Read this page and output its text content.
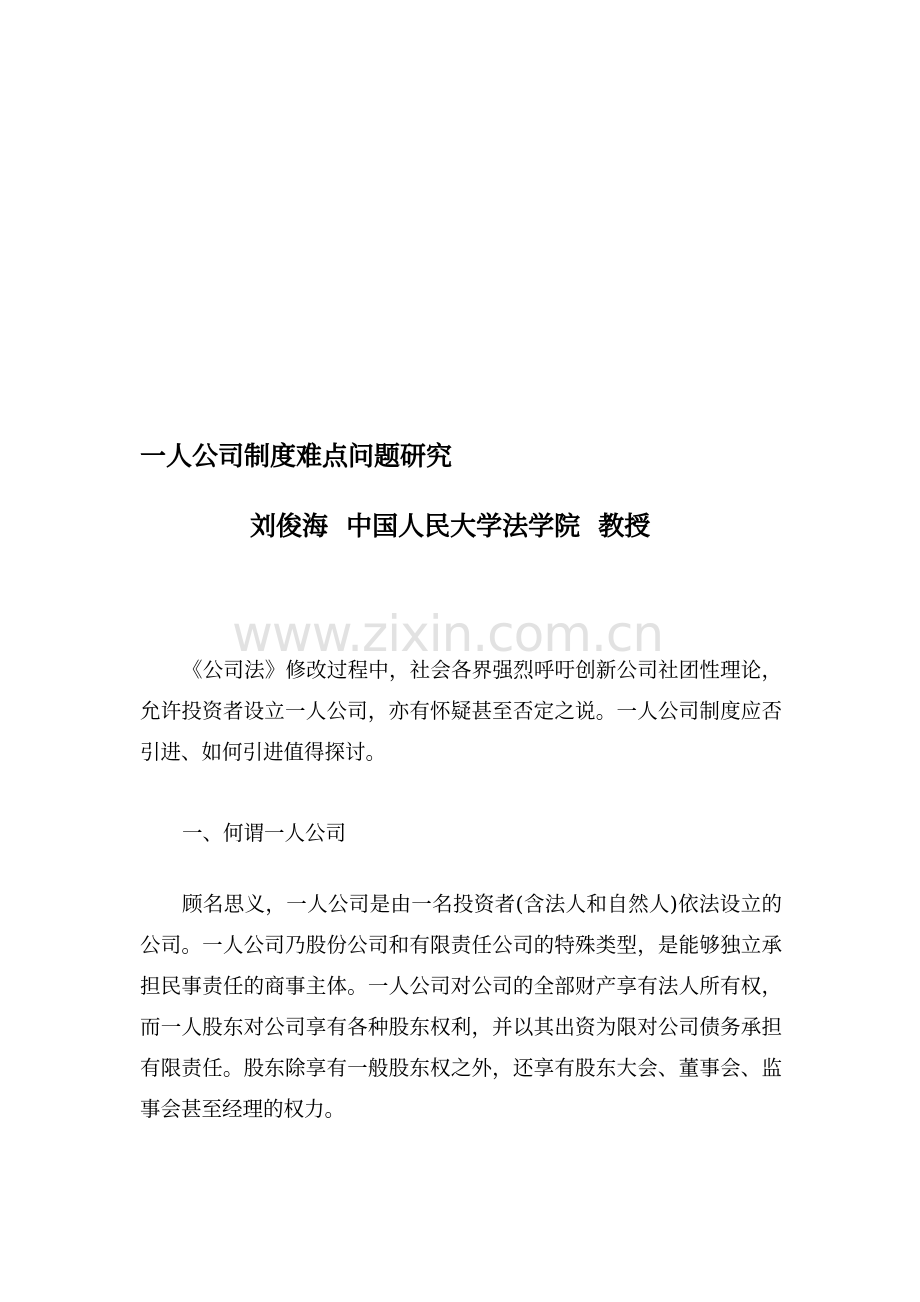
一人公司制度难点问题研究
刘俊海  中国人民大学法学院  教授
www.zixin.com.cn

《公司法》修改过程中，社会各界强烈呼吁创新公司社团性理论，允许投资者设立一人公司，亦有怀疑甚至否定之说。一人公司制度应否引进、如何引进值得探讨。

一、何谓一人公司

顾名思义，一人公司是由一名投资者(含法人和自然人)依法设立的公司。一人公司乃股份公司和有限责任公司的特殊类型，是能够独立承担民事责任的商事主体。一人公司对公司的全部财产享有法人所有权，而一人股东对公司享有各种股东权利，并以其出资为限对公司债务承担有限责任。股东除享有一般股东权之外，还享有股东大会、董事会、监事会甚至经理的权力。
